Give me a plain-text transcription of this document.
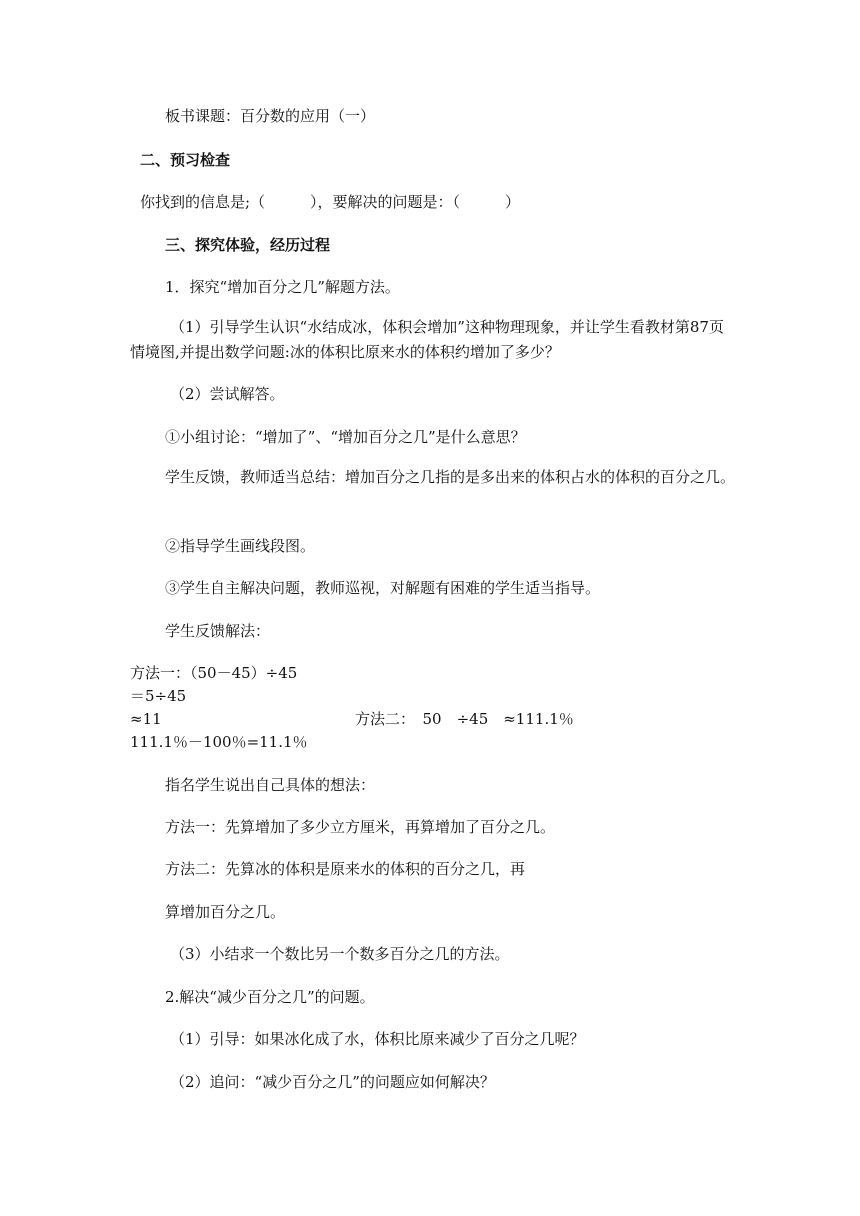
板书课题：百分数的应用（一）
二、预习检查
你找到的信息是;（　　　），要解决的问题是：（　　　）
三、探究体验，经历过程
1．探究“增加百分之几”解题方法。
（1）引导学生认识“水结成冰，体积会增加”这种物理现象，并让学生看教材第87页情境图,并提出数学问题:冰的体积比原来水的体积约增加了多少？
（2）尝试解答。
①小组讨论：“增加了”、“增加百分之几”是什么意思？
学生反馈，教师适当总结：增加百分之几指的是多出来的体积占水的体积的百分之几。
②指导学生画线段图。
③学生自主解决问题，教师巡视，对解题有困难的学生适当指导。
学生反馈解法：
方法一：（50－45）÷45
＝5÷45
≈11	方法二：　50　÷45　≈111.1％
111.1％－100％=11.1％
指名学生说出自己具体的想法：
方法一：先算增加了多少立方厘米，再算增加了百分之几。
方法二：先算冰的体积是原来水的体积的百分之几，再
算增加百分之几。
（3）小结求一个数比另一个数多百分之几的方法。
2.解决“减少百分之几”的问题。
（1）引导：如果冰化成了水，体积比原来减少了百分之几呢？
（2）追问：“减少百分之几”的问题应如何解决？
